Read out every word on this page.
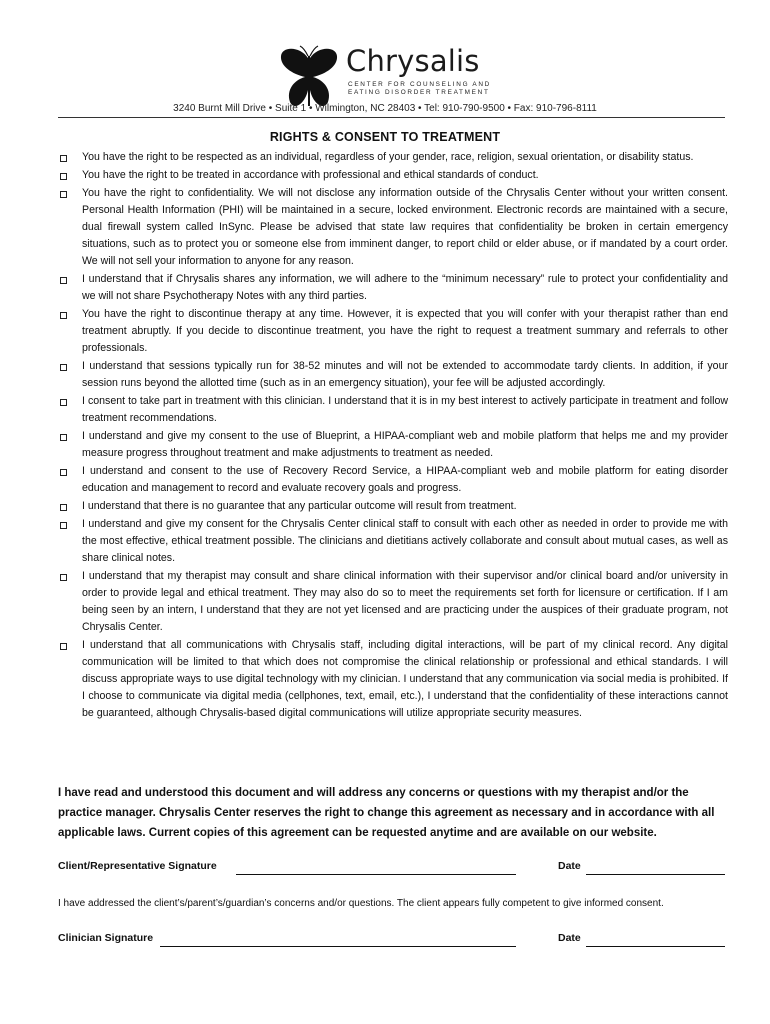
Chrysalis
CENTER FOR COUNSELING AND
EATING DISORDER TREATMENT
3240 Burnt Mill Drive • Suite 1 • Wilmington, NC 28403 • Tel: 910-790-9500 • Fax: 910-796-8111
RIGHTS & CONSENT TO TREATMENT
You have the right to be respected as an individual, regardless of your gender, race, religion, sexual orientation, or disability status.
You have the right to be treated in accordance with professional and ethical standards of conduct.
You have the right to confidentiality. We will not disclose any information outside of the Chrysalis Center without your written consent. Personal Health Information (PHI) will be maintained in a secure, locked environment. Electronic records are maintained with a secure, dual firewall system called InSync. Please be advised that state law requires that confidentiality be broken in certain emergency situations, such as to protect you or someone else from imminent danger, to report child or elder abuse, or if mandated by a court order. We will not sell your information to anyone for any reason.
I understand that if Chrysalis shares any information, we will adhere to the “minimum necessary” rule to protect your confidentiality and we will not share Psychotherapy Notes with any third parties.
You have the right to discontinue therapy at any time. However, it is expected that you will confer with your therapist rather than end treatment abruptly. If you decide to discontinue treatment, you have the right to request a treatment summary and referrals to other professionals.
I understand that sessions typically run for 38-52 minutes and will not be extended to accommodate tardy clients. In addition, if your session runs beyond the allotted time (such as in an emergency situation), your fee will be adjusted accordingly.
I consent to take part in treatment with this clinician. I understand that it is in my best interest to actively participate in treatment and follow treatment recommendations.
I understand and give my consent to the use of Blueprint, a HIPAA-compliant web and mobile platform that helps me and my provider measure progress throughout treatment and make adjustments to treatment as needed.
I understand and consent to the use of Recovery Record Service, a HIPAA-compliant web and mobile platform for eating disorder education and management to record and evaluate recovery goals and progress.
I understand that there is no guarantee that any particular outcome will result from treatment.
I understand and give my consent for the Chrysalis Center clinical staff to consult with each other as needed in order to provide me with the most effective, ethical treatment possible. The clinicians and dietitians actively collaborate and consult about mutual cases, as well as share clinical notes.
I understand that my therapist may consult and share clinical information with their supervisor and/or clinical board and/or university in order to provide legal and ethical treatment. They may also do so to meet the requirements set forth for licensure or certification. If I am being seen by an intern, I understand that they are not yet licensed and are practicing under the auspices of their graduate program, not Chrysalis Center.
I understand that all communications with Chrysalis staff, including digital interactions, will be part of my clinical record. Any digital communication will be limited to that which does not compromise the clinical relationship or professional and ethical standards. I will discuss appropriate ways to use digital technology with my clinician. I understand that any communication via social media is prohibited. If I choose to communicate via digital media (cellphones, text, email, etc.), I understand that the confidentiality of these interactions cannot be guaranteed, although Chrysalis-based digital communications will utilize appropriate security measures.
I have read and understood this document and will address any concerns or questions with my therapist and/or the practice manager. Chrysalis Center reserves the right to change this agreement as necessary and in accordance with all applicable laws. Current copies of this agreement can be requested anytime and are available on our website.
Client/Representative Signature	Date
I have addressed the client’s/parent’s/guardian’s concerns and/or questions. The client appears fully competent to give informed consent.
Clinician Signature	Date
